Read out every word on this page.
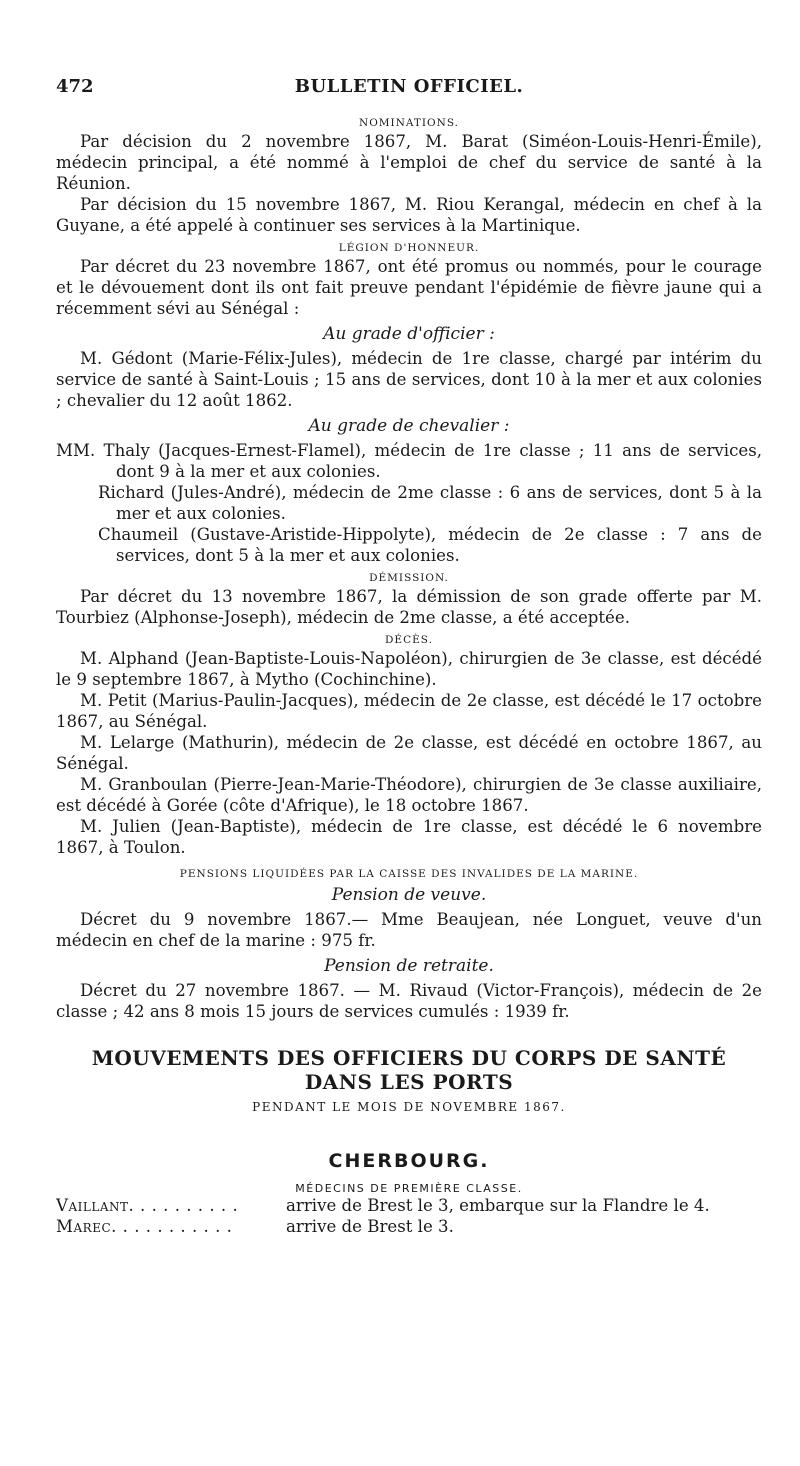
472	BULLETIN OFFICIEL.
NOMINATIONS.

Par décision du 2 novembre 1867, M. Barat (Siméon-Louis-Henri-Émile), médecin principal, a été nommé à l'emploi de chef du service de santé à la Réunion.

Par décision du 15 novembre 1867, M. Riou Kerangal, médecin en chef à la Guyane, a été appelé à continuer ses services à la Martinique.

LÉGION D'HONNEUR.

Par décret du 23 novembre 1867, ont été promus ou nommés, pour le courage et le dévouement dont ils ont fait preuve pendant l'épidémie de fièvre jaune qui a récemment sévi au Sénégal :

Au grade d'officier :

M. Gédont (Marie-Félix-Jules), médecin de 1re classe, chargé par intérim du service de santé à Saint-Louis ; 15 ans de services, dont 10 à la mer et aux colonies ; chevalier du 12 août 1862.

Au grade de chevalier :

MM. Thaly (Jacques-Ernest-Flamel), médecin de 1re classe ; 11 ans de services, dont 9 à la mer et aux colonies.

Richard (Jules-André), médecin de 2me classe : 6 ans de services, dont 5 à la mer et aux colonies.

Chaumeil (Gustave-Aristide-Hippolyte), médecin de 2e classe : 7 ans de services, dont 5 à la mer et aux colonies.

DÉMISSION.

Par décret du 13 novembre 1867, la démission de son grade offerte par M. Tourbiez (Alphonse-Joseph), médecin de 2me classe, a été acceptée.

DÉCÈS.

M. Alphand (Jean-Baptiste-Louis-Napoléon), chirurgien de 3e classe, est décédé le 9 septembre 1867, à Mytho (Cochinchine).

M. Petit (Marius-Paulin-Jacques), médecin de 2e classe, est décédé le 17 octobre 1867, au Sénégal.

M. Lelarge (Mathurin), médecin de 2e classe, est décédé en octobre 1867, au Sénégal.

M. Granboulan (Pierre-Jean-Marie-Théodore), chirurgien de 3e classe auxiliaire, est décédé à Gorée (côte d'Afrique), le 18 octobre 1867.

M. Julien (Jean-Baptiste), médecin de 1re classe, est décédé le 6 novembre 1867, à Toulon.

PENSIONS LIQUIDÉES PAR LA CAISSE DES INVALIDES DE LA MARINE.
Pension de veuve.

Décret du 9 novembre 1867.— Mme Beaujean, née Longuet, veuve d'un médecin en chef de la marine : 975 fr.

Pension de retraite.

Décret du 27 novembre 1867. — M. Rivaud (Victor-François), médecin de 2e classe ; 42 ans 8 mois 15 jours de services cumulés : 1939 fr.

MOUVEMENTS DES OFFICIERS DU CORPS DE SANTÉ DANS LES PORTS
PENDANT LE MOIS DE NOVEMBRE 1867.
CHERBOURG.
MÉDECINS DE PREMIÈRE CLASSE.
Vaillant. . . . . . . . . .	arrive de Brest le 3, embarque sur la Flandre le 4.
Marec. . . . . . . . . . .	arrive de Brest le 3.
